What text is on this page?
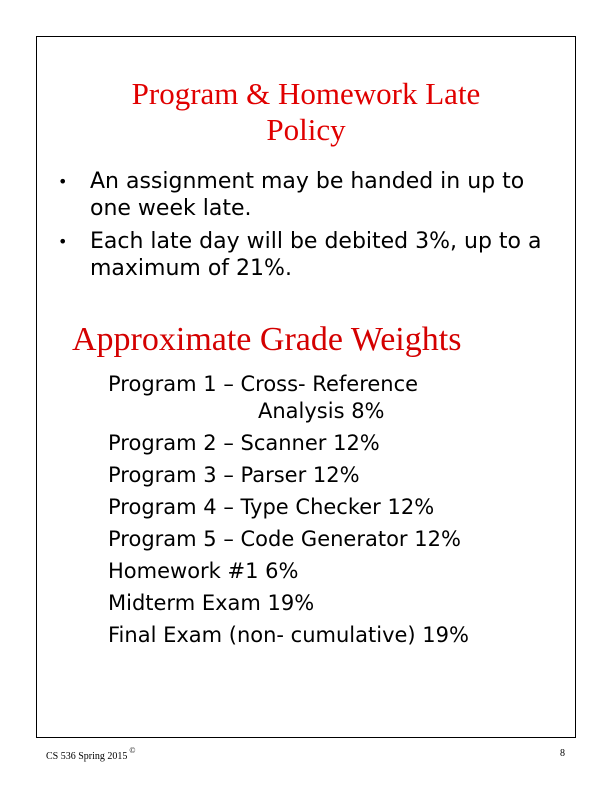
Program & Homework Late
Policy
• An assignment may be handed in up to one week late.
• Each late day will be debited 3%, up to a maximum of 21%.
Approximate Grade Weights
Program 1 – Cross- Reference
Analysis 8%
Program 2 – Scanner 12%
Program 3 – Parser 12%
Program 4 – Type Checker 12%
Program 5 – Code Generator 12%
Homework #1 6%
Midterm Exam 19%
Final Exam (non- cumulative) 19%
CS 536 Spring 2015©	8
